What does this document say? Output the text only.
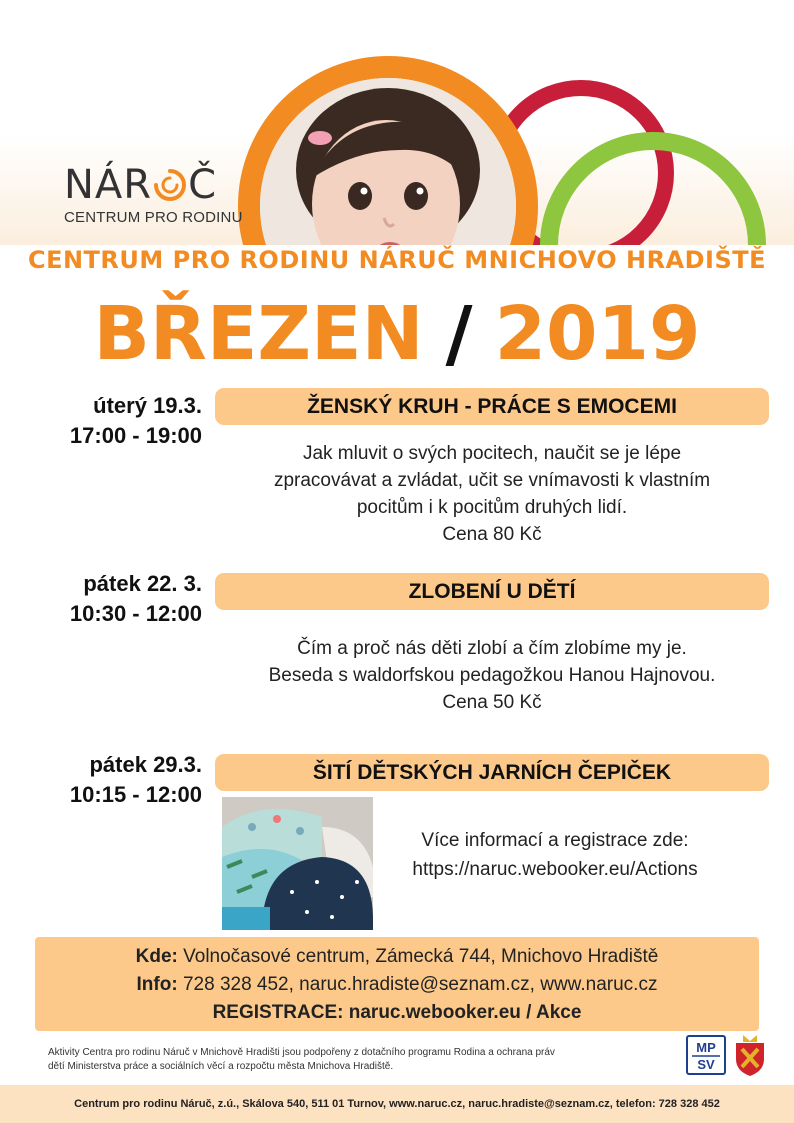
NÁR Č
CENTRUM PRO RODINU
CENTRUM PRO RODINU NÁRUČ MNICHOVO HRADIŠTĚ
BŘEZEN / 2019
úterý 19.3.
17:00 - 19:00
ŽENSKÝ KRUH - PRÁCE S EMOCEMI
Jak mluvit o svých pocitech, naučit se je lépe
zpracovávat a zvládat, učit se vnímavosti k vlastním
pocitům i k pocitům druhých lidí.
Cena 80 Kč
pátek 22. 3.
10:30 - 12:00
ZLOBENÍ U DĚTÍ
Čím a proč nás děti zlobí a čím zlobíme my je.
Beseda s waldorfskou pedagožkou Hanou Hajnovou.
Cena 50 Kč
pátek 29.3.
10:15 - 12:00
ŠITÍ DĚTSKÝCH JARNÍCH ČEPIČEK
Více informací a registrace zde:
https://naruc.webooker.eu/Actions
Kde: Volnočasové centrum, Zámecká 744, Mnichovo Hradiště
Info: 728 328 452, naruc.hradiste@seznam.cz, www.naruc.cz
REGISTRACE: naruc.webooker.eu / Akce
Aktivity Centra pro rodinu Náruč v Mnichově Hradišti jsou podpořeny z dotačního programu Rodina a ochrana práv
dětí Ministerstva práce a sociálních věcí a rozpočtu města Mnichova Hradiště.
MP
SV
Centrum pro rodinu Náruč, z.ú., Skálova 540, 511 01 Turnov, www.naruc.cz, naruc.hradiste@seznam.cz, telefon: 728 328 452
